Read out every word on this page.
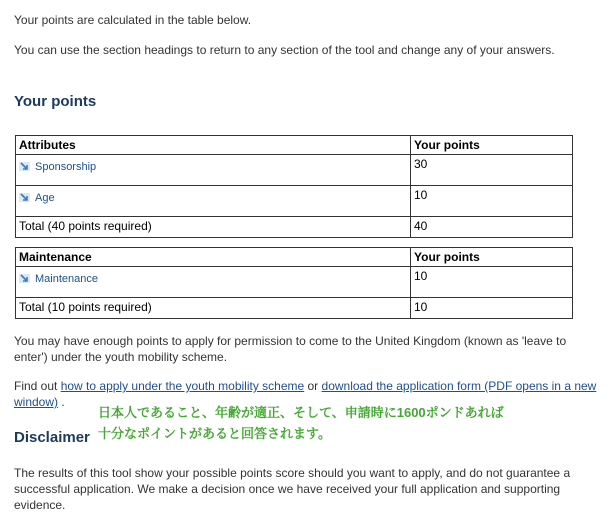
Your points are calculated in the table below.

You can use the section headings to return to any section of the tool and change any of your answers.

Your points
Attributes	Your points
Sponsorship	30
Age	10
Total (40 points required)	40
Maintenance	Your points
Maintenance	10
Total (10 points required)	10

You may have enough points to apply for permission to come to the United Kingdom (known as 'leave to enter') under the youth mobility scheme.

Find out how to apply under the youth mobility scheme or download the application form (PDF opens in a new window) .

Disclaimer

The results of this tool show your possible points score should you want to apply, and do not guarantee a successful application. We make a decision once we have received your full application and supporting evidence.

日本人であること、年齢が適正、そして、申請時に1600ポンドあれば
十分なポイントがあると回答されます。
